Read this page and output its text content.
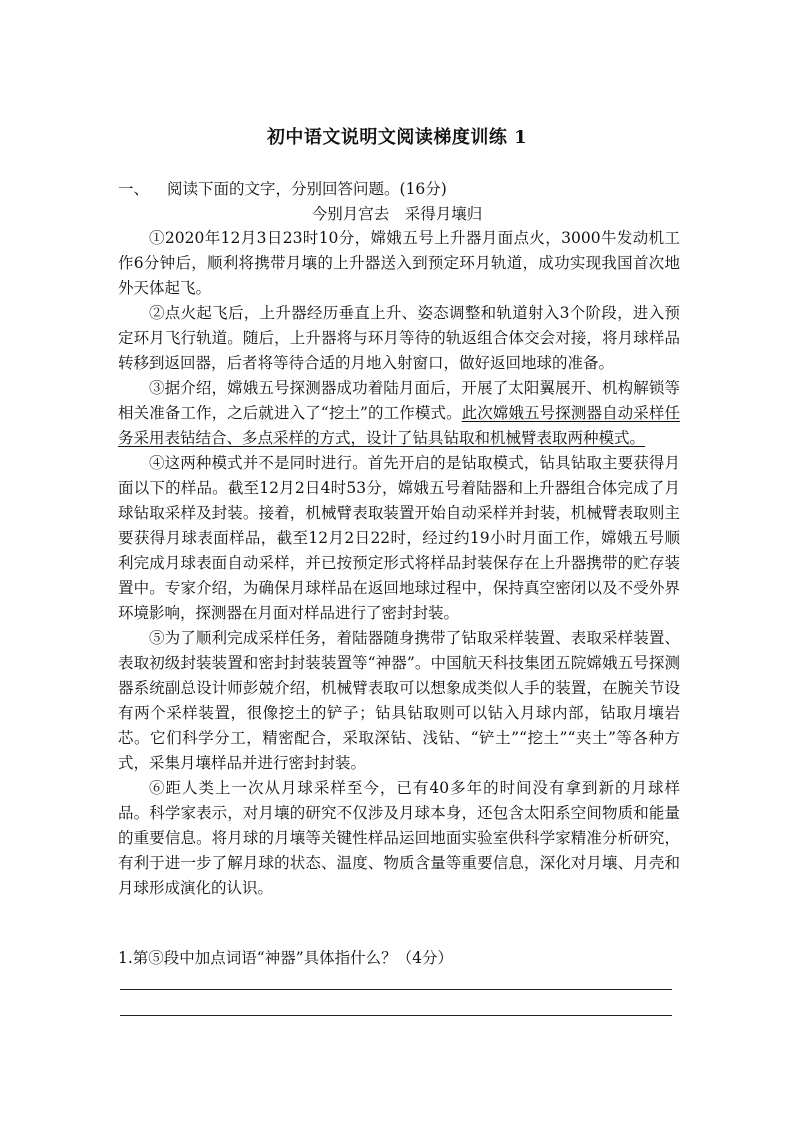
初中语文说明文阅读梯度训练 1
一、 阅读下面的文字，分别回答问题。(16分)
今别月宫去　采得月壤归

①2020年12月3日23时10分，嫦娥五号上升器月面点火，3000牛发动机工作6分钟后，顺利将携带月壤的上升器送入到预定环月轨道，成功实现我国首次地外天体起飞。

②点火起飞后，上升器经历垂直上升、姿态调整和轨道射入3个阶段，进入预定环月飞行轨道。随后，上升器将与环月等待的轨返组合体交会对接，将月球样品转移到返回器，后者将等待合适的月地入射窗口，做好返回地球的准备。

③据介绍，嫦娥五号探测器成功着陆月面后，开展了太阳翼展开、机构解锁等相关准备工作，之后就进入了“挖土”的工作模式。此次嫦娥五号探测器自动采样任务采用表钻结合、多点采样的方式，设计了钻具钻取和机械臂表取两种模式。

④这两种模式并不是同时进行。首先开启的是钻取模式，钻具钻取主要获得月面以下的样品。截至12月2日4时53分，嫦娥五号着陆器和上升器组合体完成了月球钻取采样及封装。接着，机械臂表取装置开始自动采样并封装，机械臂表取则主要获得月球表面样品，截至12月2日22时，经过约19小时月面工作，嫦娥五号顺利完成月球表面自动采样，并已按预定形式将样品封装保存在上升器携带的贮存装置中。专家介绍，为确保月球样品在返回地球过程中，保持真空密闭以及不受外界环境影响，探测器在月面对样品进行了密封封装。

⑤为了顺利完成采样任务，着陆器随身携带了钻取采样装置、表取采样装置、表取初级封装装置和密封封装装置等“神器”。中国航天科技集团五院嫦娥五号探测器系统副总设计师彭兢介绍，机械臂表取可以想象成类似人手的装置，在腕关节设有两个采样装置，很像挖土的铲子；钻具钻取则可以钻入月球内部，钻取月壤岩芯。它们科学分工，精密配合，采取深钻、浅钻、“铲土”“挖土”“夹土”等各种方式，采集月壤样品并进行密封封装。

⑥距人类上一次从月球采样至今，已有40多年的时间没有拿到新的月球样品。科学家表示，对月壤的研究不仅涉及月球本身，还包含太阳系空间物质和能量的重要信息。将月球的月壤等关键性样品运回地面实验室供科学家精准分析研究，有利于进一步了解月球的状态、温度、物质含量等重要信息，深化对月壤、月壳和月球形成演化的认识。

1.第⑤段中加点词语“神器”具体指什么？（4分）
